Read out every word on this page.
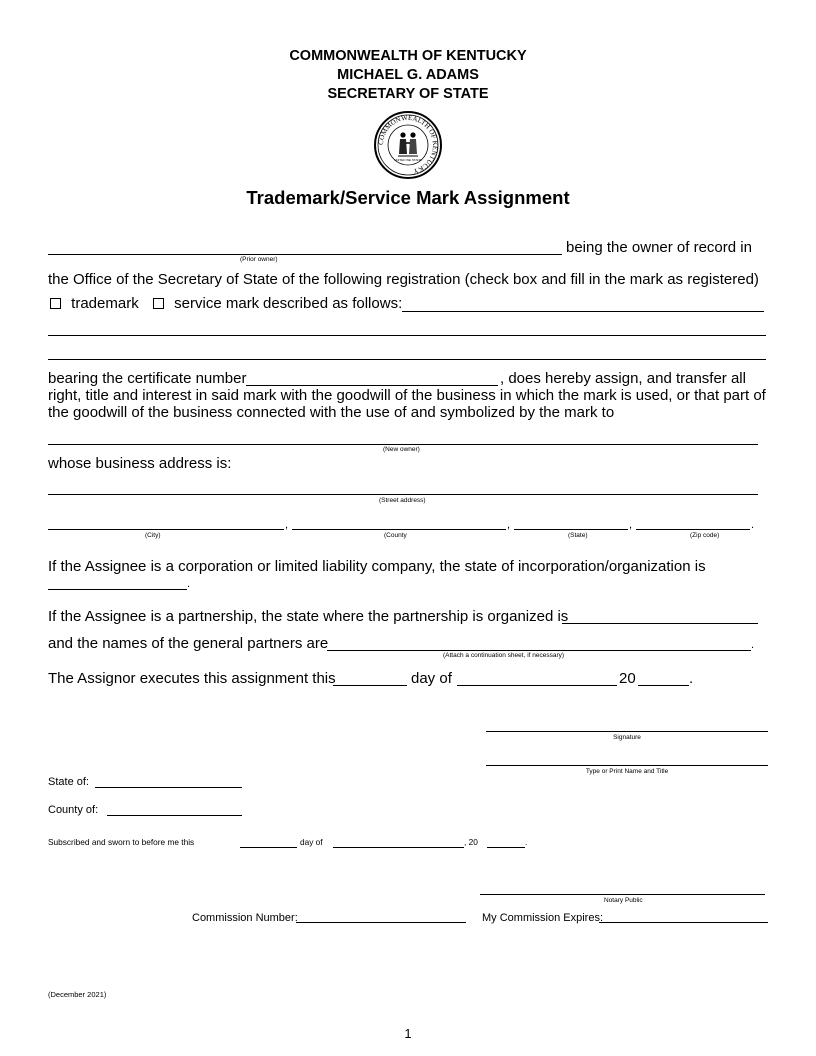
COMMONWEALTH OF KENTUCKY
MICHAEL G. ADAMS
SECRETARY OF STATE
COMMONWEALTH OF KENTUCKY
UNITED WE STAND
Trademark/Service Mark Assignment
being the owner of record in
(Prior owner)
the Office of the Secretary of State of the following registration (check box and fill in the mark as registered)
trademark	service mark described as follows:
bearing the certificate number	, does hereby assign, and transfer all
right, title and interest in said mark with the goodwill of the business in which the mark is used, or that part of
the goodwill of the business connected with the use of and symbolized by the mark to
(New owner)
whose business address is:
(Street address)
,	,	,	.
(City)	(County	(State)	(Zip code)
If the Assignee is a corporation or limited liability company, the state of incorporation/organization is
.
If the Assignee is a partnership, the state where the partnership is organized is
and the names of the general partners are	.
(Attach a continuation sheet, if necessary)
The Assignor executes this assignment this	day of	20	.
Signature
Type or Print Name and Title
State of:
County of:
Subscribed and sworn to before me this	day of	, 20	.
Notary Public
Commission Number:	My Commission Expires:
(December 2021)
1
